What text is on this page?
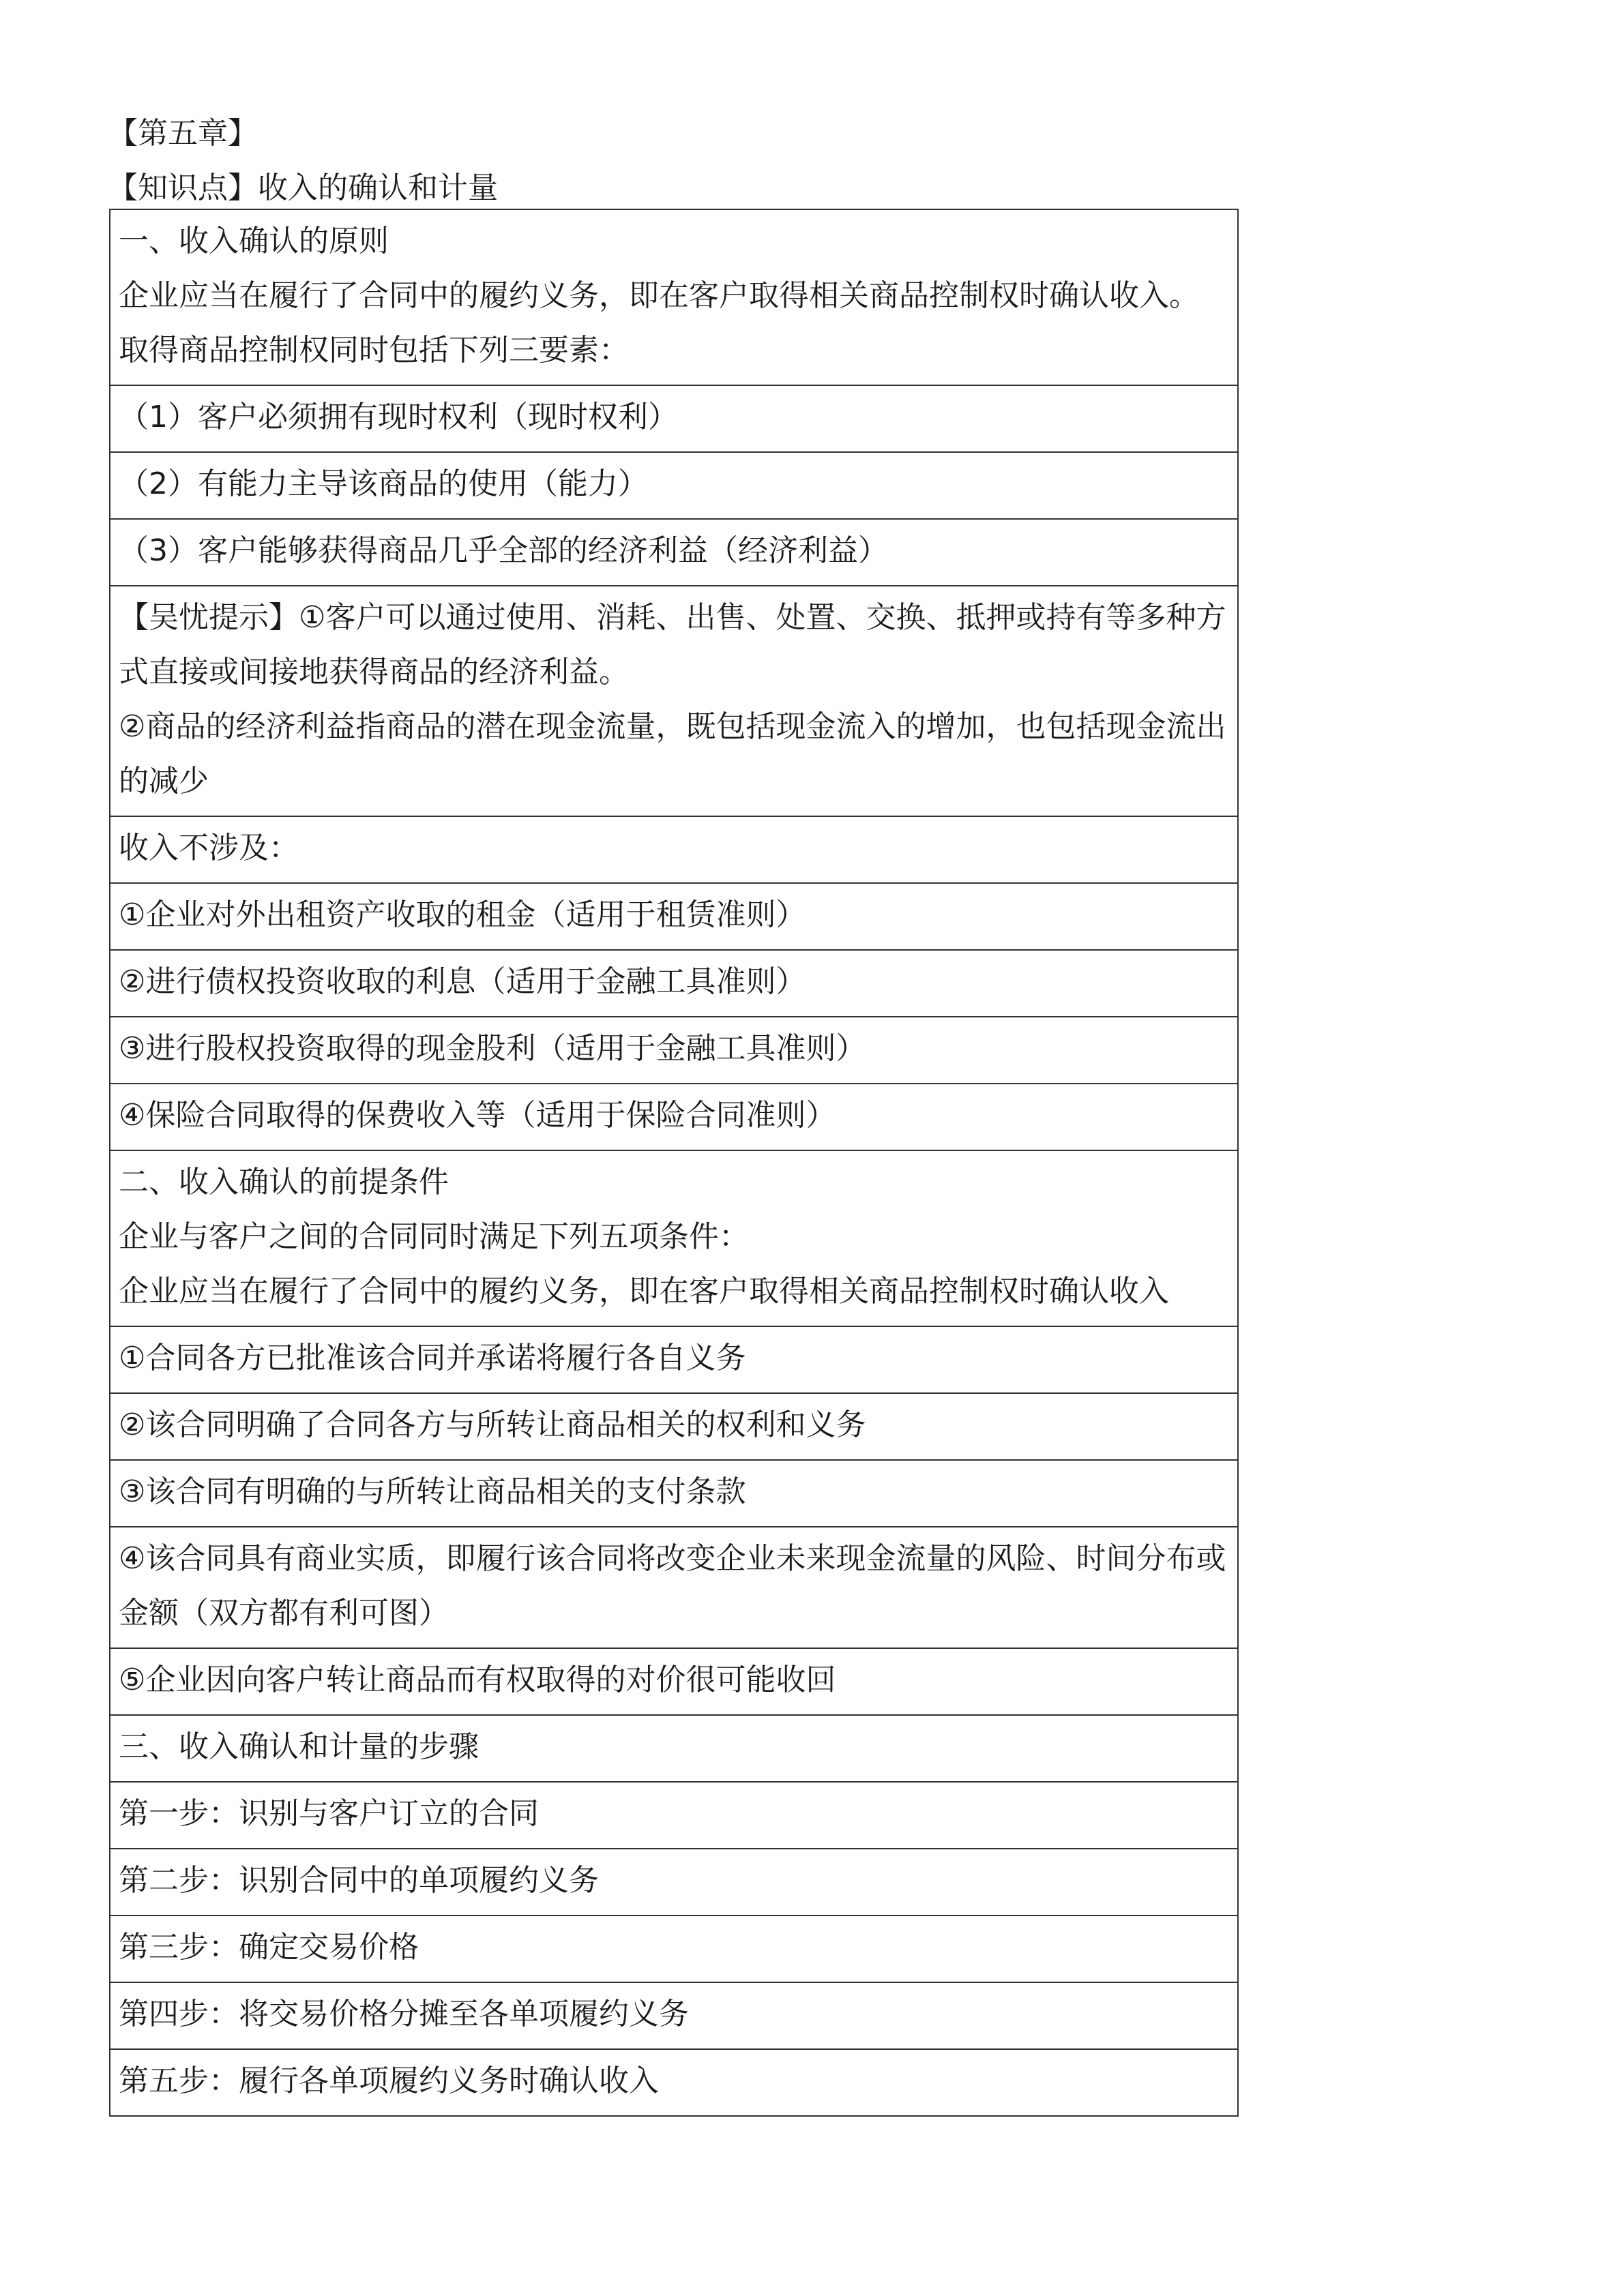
【第五章】
【知识点】收入的确认和计量
一、收入确认的原则
企业应当在履行了合同中的履约义务，即在客户取得相关商品控制权时确认收入。
取得商品控制权同时包括下列三要素：

（1）客户必须拥有现时权利（现时权利）

（2）有能力主导该商品的使用（能力）

（3）客户能够获得商品几乎全部的经济利益（经济利益）

【吴忧提示】①客户可以通过使用、消耗、出售、处置、交换、抵押或持有等多种方式直接或间接地获得商品的经济利益。
②商品的经济利益指商品的潜在现金流量，既包括现金流入的增加，也包括现金流出的减少

收入不涉及：

①企业对外出租资产收取的租金（适用于租赁准则）

②进行债权投资收取的利息（适用于金融工具准则）

③进行股权投资取得的现金股利（适用于金融工具准则）

④保险合同取得的保费收入等（适用于保险合同准则）

二、收入确认的前提条件
企业与客户之间的合同同时满足下列五项条件：
企业应当在履行了合同中的履约义务，即在客户取得相关商品控制权时确认收入

①合同各方已批准该合同并承诺将履行各自义务

②该合同明确了合同各方与所转让商品相关的权利和义务

③该合同有明确的与所转让商品相关的支付条款

④该合同具有商业实质，即履行该合同将改变企业未来现金流量的风险、时间分布或金额（双方都有利可图）

⑤企业因向客户转让商品而有权取得的对价很可能收回

三、收入确认和计量的步骤

第一步：识别与客户订立的合同

第二步：识别合同中的单项履约义务

第三步：确定交易价格

第四步：将交易价格分摊至各单项履约义务

第五步：履行各单项履约义务时确认收入
